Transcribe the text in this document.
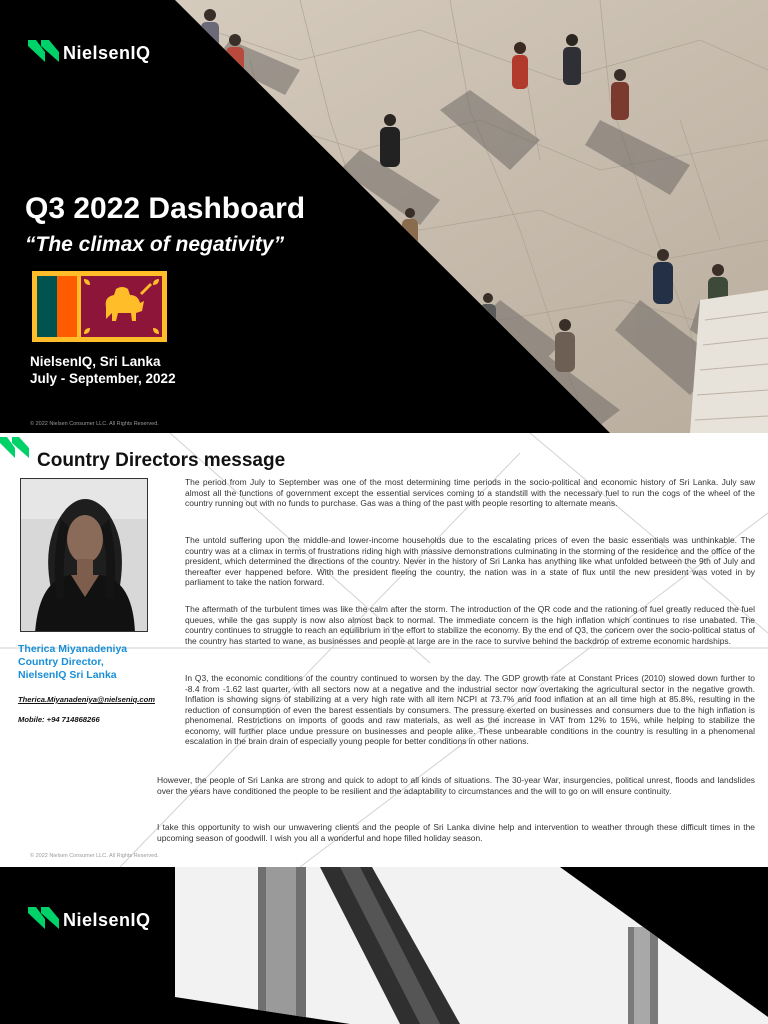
NielsenIQ
Q3 2022 Dashboard
“The climax of negativity”
NielsenIQ, Sri Lanka
July - September, 2022
© 2022 Nielsen Consumer LLC. All Rights Reserved.
Country Directors message
Therica Miyanadeniya
Country Director,
NielsenIQ Sri Lanka
Therica.Miyanadeniya@nielseniq.com
Mobile: +94 714868266

The period from July to September was one of the most determining time periods in the socio-political and economic history of Sri Lanka. July saw almost all the functions of government except the essential services coming to a standstill with the necessary fuel to run the cogs of the wheel of the country running out with no funds to purchase. Gas was a thing of the past with people resorting to alternate means.

The untold suffering upon the middle-and lower-income households due to the escalating prices of even the basic essentials was unthinkable. The country was at a climax in terms of frustrations riding high with massive demonstrations culminating in the storming of the residence and the office of the president, which determined the directions of the country. Never in the history of Sri Lanka has anything like what unfolded between the 9th of July and thereafter ever happened before. With the president fleeing the country, the nation was in a state of flux until the new president was voted in by parliament to take the nation forward.

The aftermath of the turbulent times was like the calm after the storm. The introduction of the QR code and the rationing of fuel greatly reduced the fuel queues, while the gas supply is now also almost back to normal. The immediate concern is the high inflation which continues to rise unabated. The country continues to struggle to reach an equilibrium in the effort to stabilize the economy. By the end of Q3, the concern over the socio-political status of the country has started to wane, as businesses and people at large are in the race to survive behind the backdrop of extreme economic hardships.

In Q3, the economic conditions of the country continued to worsen by the day. The GDP growth rate at Constant Prices (2010) slowed down further to -8.4 from -1.62 last quarter, with all sectors now at a negative and the industrial sector now overtaking the agricultural sector in the negative growth. Inflation is showing signs of stabilizing at a very high rate with all item NCPI at 73.7% and food inflation at an all time high at 85.8%, resulting in the reduction of consumption of even the barest essentials by consumers. The pressure exerted on businesses and consumers due to the high inflation is phenomenal. Restrictions on imports of goods and raw materials, as well as the increase in VAT from 12% to 15%, while helping to stabilize the economy, will further place undue pressure on businesses and people alike. These unbearable conditions in the country is resulting in a phenomenal escalation in the brain drain of especially young people for better conditions in other nations.

However, the people of Sri Lanka are strong and quick to adopt to all kinds of situations. The 30-year War, insurgencies, political unrest, floods and landslides over the years have conditioned the people to be resilient and the adaptability to circumstances and the will to go on will ensure continuity.

I take this opportunity to wish our unwavering clients and the people of Sri Lanka divine help and intervention to weather through these difficult times in the upcoming season of goodwill. I wish you all a wonderful and hope filled holiday season.

© 2022 Nielsen Consumer LLC. All Rights Reserved.
NielsenIQ
